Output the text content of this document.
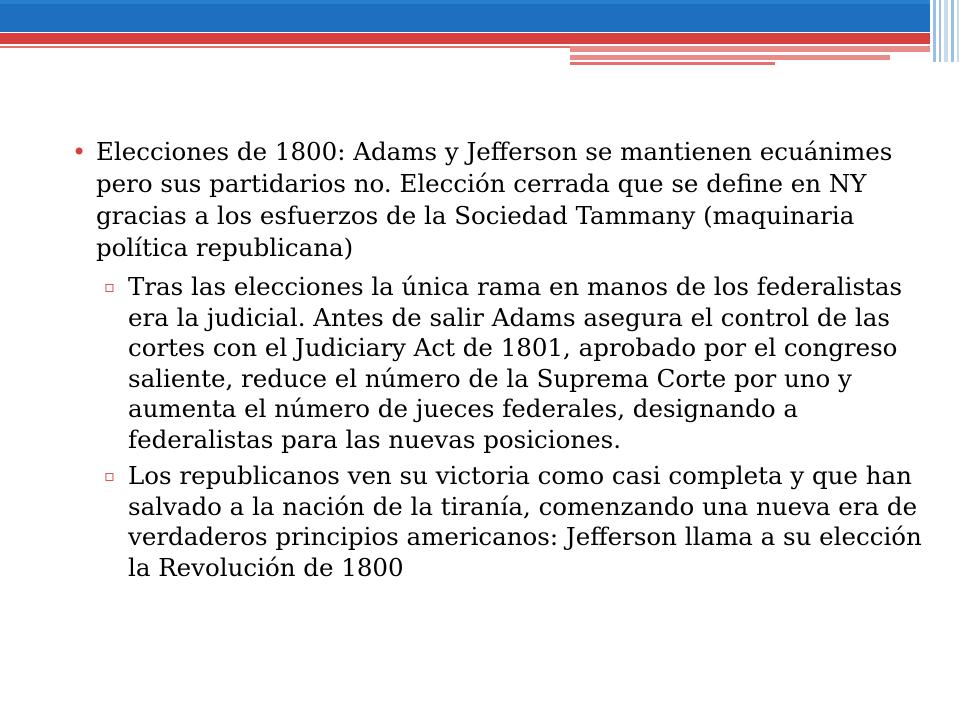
• Elecciones de 1800: Adams y Jefferson se mantienen ecuánimes pero sus partidarios no. Elección cerrada que se define en NY gracias a los esfuerzos de la Sociedad Tammany (maquinaria política republicana)

▫ Tras las elecciones la única rama en manos de los federalistas era la judicial. Antes de salir Adams asegura el control de las cortes con el Judiciary Act de 1801, aprobado por el congreso saliente, reduce el número de la Suprema Corte por uno y aumenta el número de jueces federales, designando a federalistas para las nuevas posiciones.

▫ Los republicanos ven su victoria como casi completa y que han salvado a la nación de la tiranía, comenzando una nueva era de verdaderos principios americanos: Jefferson llama a su elección la Revolución de 1800
